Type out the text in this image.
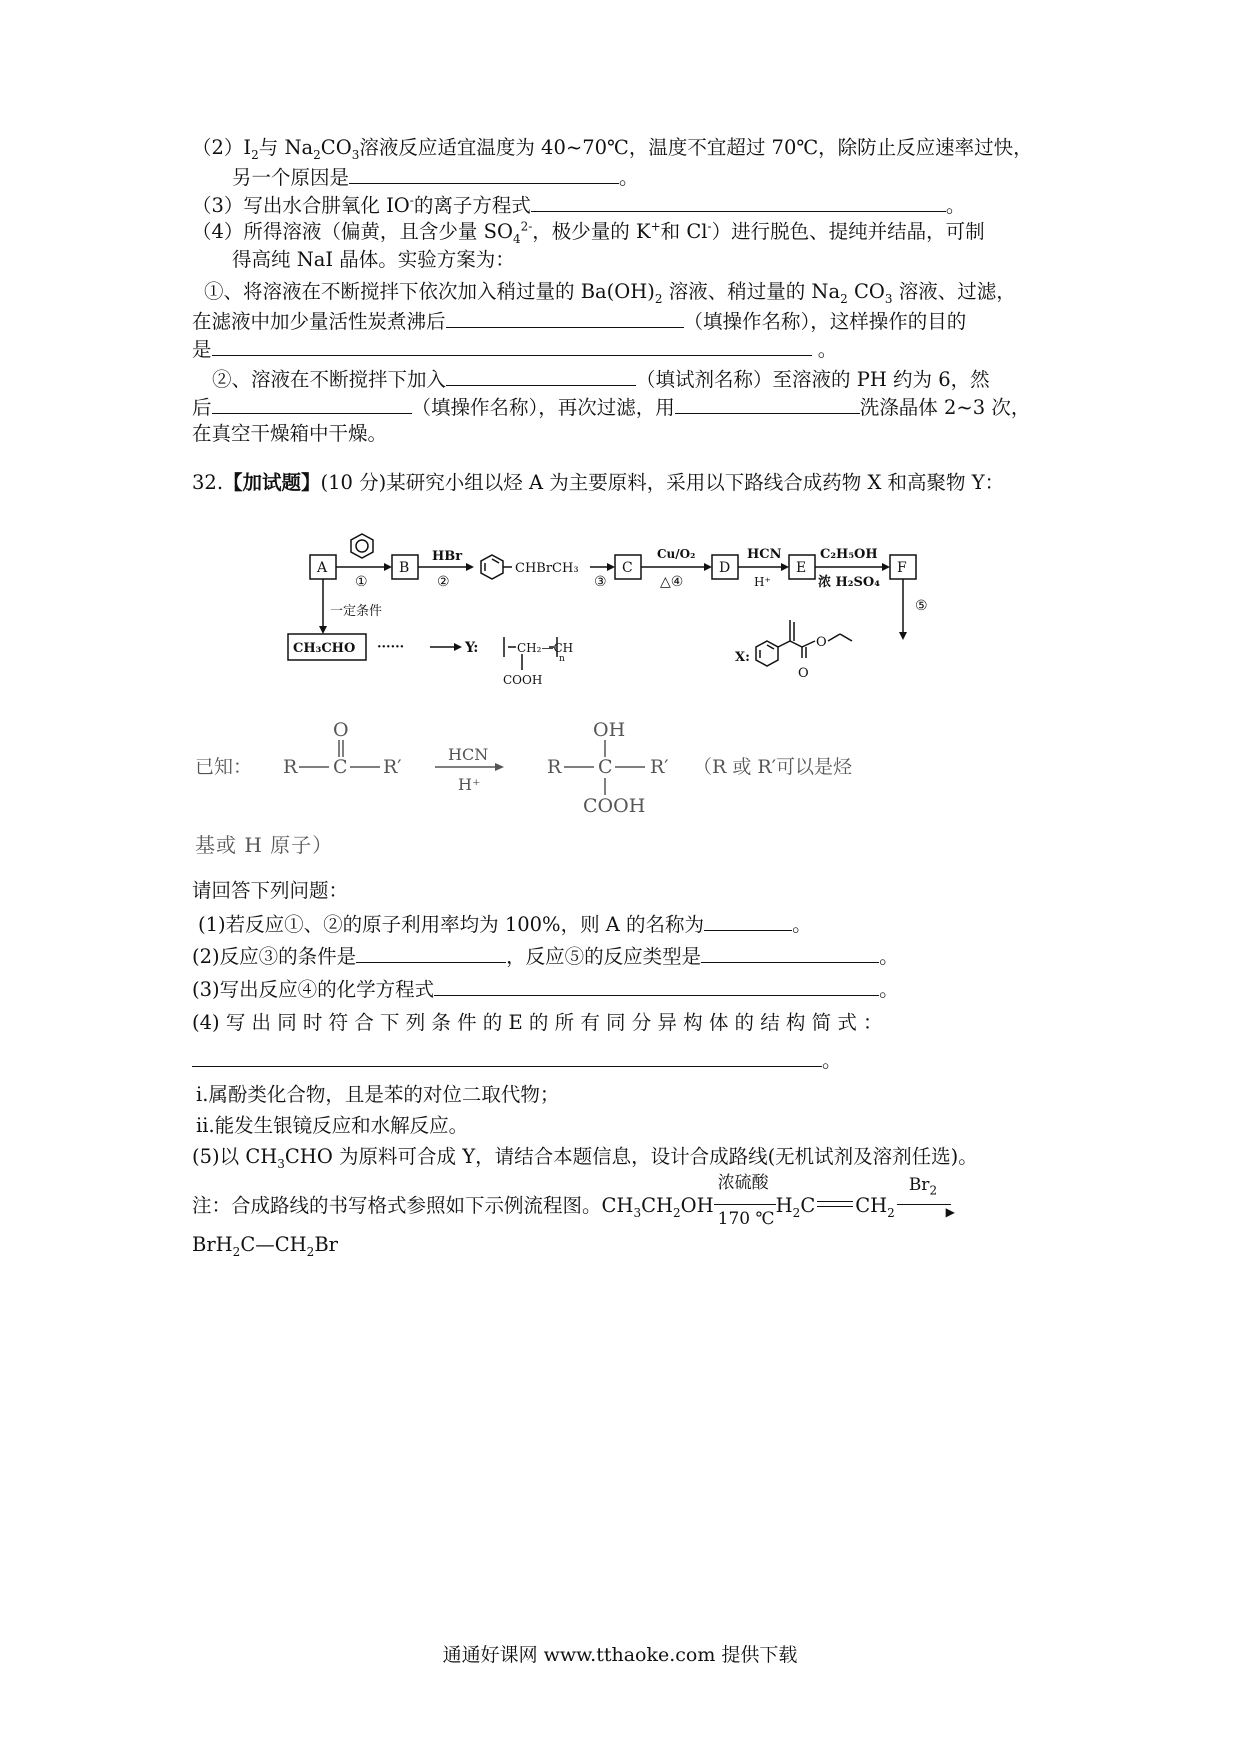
$(2)I_2$与 $Na_2CO_3$溶液反应适宜温度为 40~70℃，温度不宜超过 70℃，除防止反应速率过快，
另一个原因是	。
（3）写出水合肼氧化 IO-的离子方程式	。
（4）所得溶液（偏黄，且含少量 $SO_4^{2-}$，极少量的 K+和 Cl-）进行脱色、提纯并结晶，可制
得高纯 NaI 晶体。实验方案为：
①、将溶液在不断搅拌下依次加入稍过量的 $Ba(OH)_2$ 溶液、稍过量的 $Na_2$ $CO_3$ 溶液、过滤，
在滤液中加少量活性炭煮沸后	（填操作名称），这样操作的目的
是	。
②、溶液在不断搅拌下加入	（填试剂名称）至溶液的 PH 约为 6，然
后	（填操作名称），再次过滤，用	洗涤晶体 2~3 次，
在真空干燥箱中干燥。
32.【加试题】(10 分)某研究小组以烃 A 为主要原料，采用以下路线合成药物 X 和高聚物 Y：
A	B	C	D	E	F
①
HBr
②
CHBrCH₃
③
Cu/O₂
△④
HCN
H⁺
C₂H₅OH
浓 H₂SO₄
⑤
一定条件
CH₃CHO ······	Y:	CH₂—CH
n
COOH
X:
O
O
已知：
O
R C R′
HCN
H⁺
R
OH
C R′
COOH
（R 或 R′可以是烃
基或 H 原子）
请回答下列问题：
(1)若反应①、②的原子利用率均为 100%，则 A 的名称为	。
(2)反应③的条件是	，反应⑤的反应类型是	。
(3)写出反应④的化学方程式	。
(4) 写 出 同 时 符 合 下 列 条 件 的 E 的 所 有 同 分 异 构 体 的 结 构 简 式 ：
。
ⅰ.属酚类化合物，且是苯的对位二取代物；
ⅱ.能发生银镜反应和水解反应。
(5)以 $CH_3CHO$ 为原料可合成 Y，请结合本题信息，设计合成路线(无机试剂及溶剂任选)。
注：合成路线的书写格式参照如下示例流程图。$CH_3CH_2OH$
浓硫酸
170 ℃
$H_2C$ $CH_2$
$Br_2$
▶
$BrH_2C—CH_2Br$
通通好课网 www.tthaoke.com 提供下载
